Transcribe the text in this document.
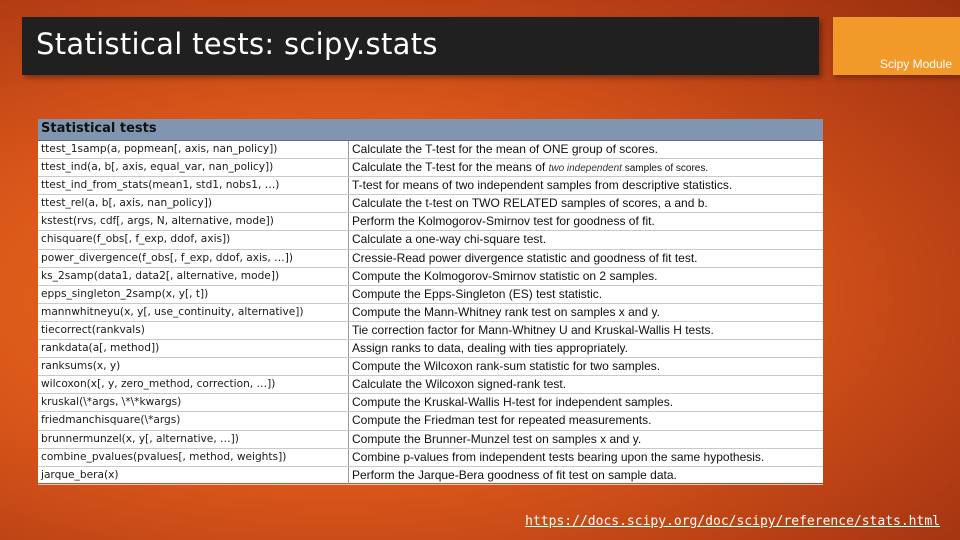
Statistical tests: scipy.stats
Scipy Module
Statistical tests
ttest_1samp(a, popmean[, axis, nan_policy])	Calculate the T-test for the mean of ONE group of scores.
ttest_ind(a, b[, axis, equal_var, nan_policy])	Calculate the T-test for the means of two independent samples of scores.
ttest_ind_from_stats(mean1, std1, nobs1, …)	T-test for means of two independent samples from descriptive statistics.
ttest_rel(a, b[, axis, nan_policy])	Calculate the t-test on TWO RELATED samples of scores, a and b.
kstest(rvs, cdf[, args, N, alternative, mode])	Perform the Kolmogorov-Smirnov test for goodness of fit.
chisquare(f_obs[, f_exp, ddof, axis])	Calculate a one-way chi-square test.
power_divergence(f_obs[, f_exp, ddof, axis, …])	Cressie-Read power divergence statistic and goodness of fit test.
ks_2samp(data1, data2[, alternative, mode])	Compute the Kolmogorov-Smirnov statistic on 2 samples.
epps_singleton_2samp(x, y[, t])	Compute the Epps-Singleton (ES) test statistic.
mannwhitneyu(x, y[, use_continuity, alternative])	Compute the Mann-Whitney rank test on samples x and y.
tiecorrect(rankvals)	Tie correction factor for Mann-Whitney U and Kruskal-Wallis H tests.
rankdata(a[, method])	Assign ranks to data, dealing with ties appropriately.
ranksums(x, y)	Compute the Wilcoxon rank-sum statistic for two samples.
wilcoxon(x[, y, zero_method, correction, …])	Calculate the Wilcoxon signed-rank test.
kruskal(\*args, \*\*kwargs)	Compute the Kruskal-Wallis H-test for independent samples.
friedmanchisquare(\*args)	Compute the Friedman test for repeated measurements.
brunnermunzel(x, y[, alternative, …])	Compute the Brunner-Munzel test on samples x and y.
combine_pvalues(pvalues[, method, weights])	Combine p-values from independent tests bearing upon the same hypothesis.
jarque_bera(x)	Perform the Jarque-Bera goodness of fit test on sample data.
https://docs.scipy.org/doc/scipy/reference/stats.html
